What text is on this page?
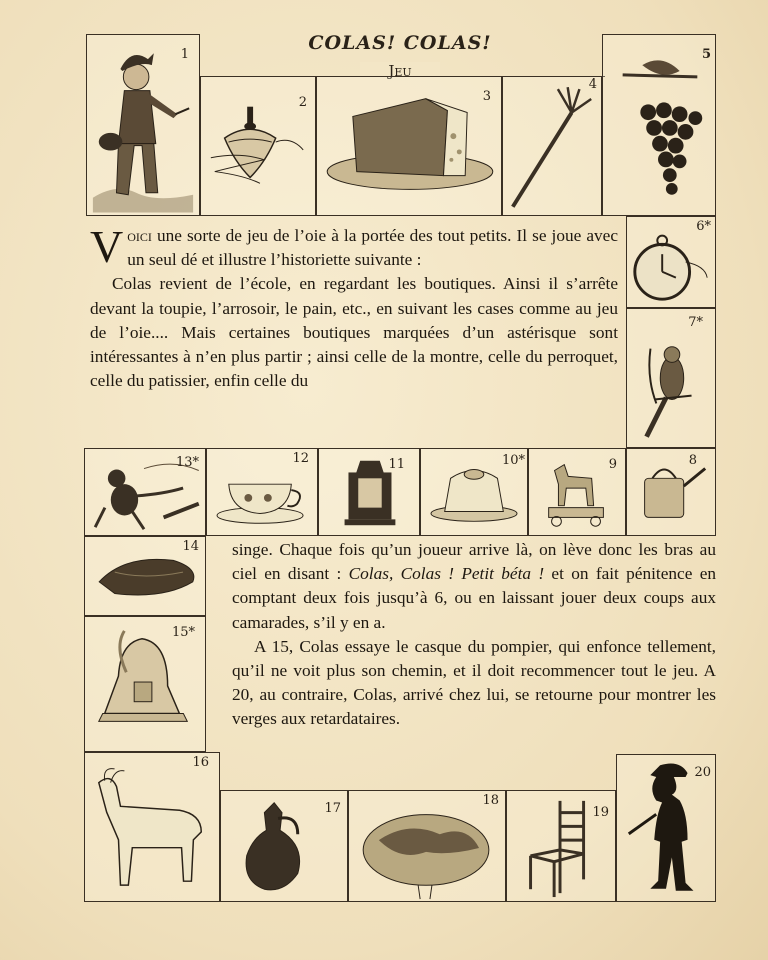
COLAS! COLAS!
Jeu
1
2	3
4
5
6*
7*
8
9
10*
11
12
13*
14
15*
16
17
18
19
20

Voici une sorte de jeu de l’oie à la portée des tout petits. Il se joue avec un seul dé et illustre l’historiette suivante :

Colas revient de l’école, en regardant les boutiques. Ainsi il s’arrête devant la toupie, l’arrosoir, le pain, etc., en suivant les cases comme au jeu de l’oie.... Mais certaines boutiques marquées d’un astérisque sont intéressantes à n’en plus partir ; ainsi celle de la montre, celle du perroquet, celle du patissier, enfin celle du

singe. Chaque fois qu’un joueur arrive là, on lève donc les bras au ciel en disant : Colas, Colas ! Petit béta ! et on fait pénitence en comptant deux fois jusqu’à 6, ou en laissant jouer deux coups aux camarades, s’il y en a.

A 15, Colas essaye le casque du pompier, qui enfonce tellement, qu’il ne voit plus son chemin, et il doit recommencer tout le jeu. A 20, au contraire, Colas, arrivé chez lui, se retourne pour montrer les verges aux retardataires.
